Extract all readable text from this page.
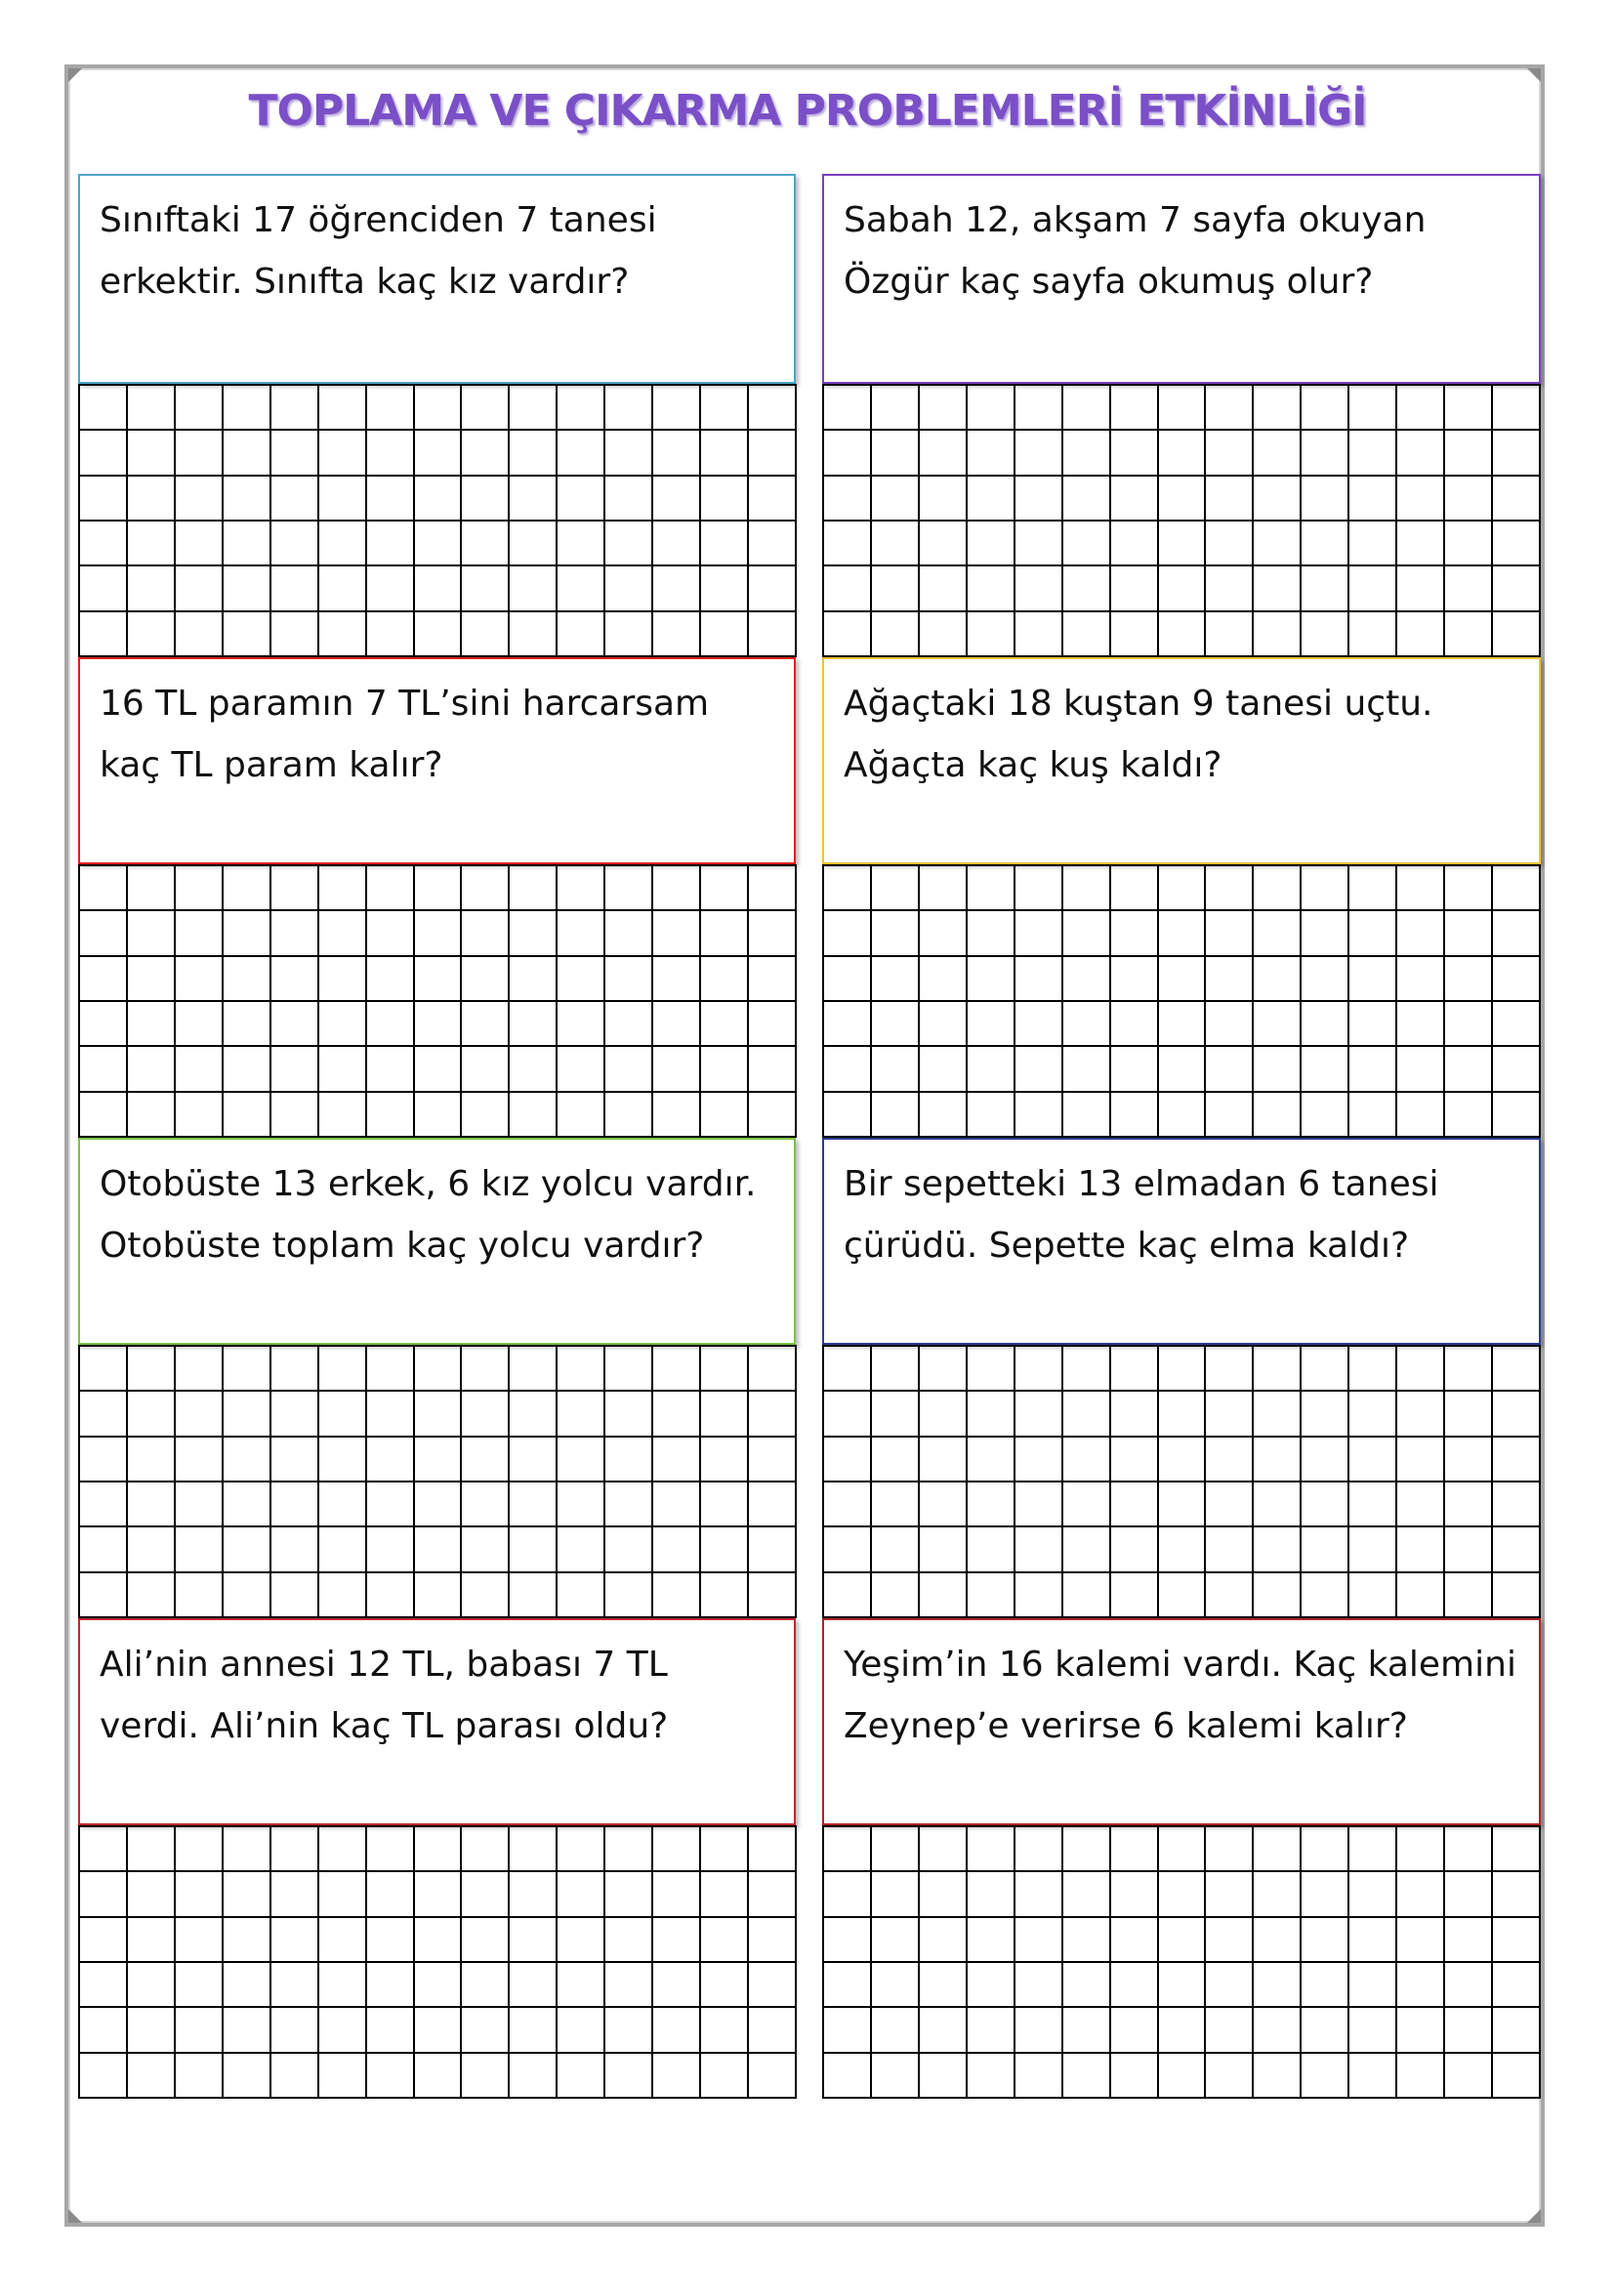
TOPLAMA VE ÇIKARMA PROBLEMLERİ ETKİNLİĞİ
Sınıftaki 17 öğrenciden 7 tanesi erkektir. Sınıfta kaç kız vardır?
Sabah 12, akşam 7 sayfa okuyan Özgür kaç sayfa okumuş olur?
16 TL paramın 7 TL’sini harcarsam kaç TL param kalır?
Ağaçtaki 18 kuştan 9 tanesi uçtu. Ağaçta kaç kuş kaldı?
Otobüste 13 erkek, 6 kız yolcu vardır. Otobüste toplam kaç yolcu vardır?
Bir sepetteki 13 elmadan 6 tanesi çürüdü. Sepette kaç elma kaldı?
Ali’nin annesi 12 TL, babası 7 TL verdi. Ali’nin kaç TL parası oldu?
Yeşim’in 16 kalemi vardı. Kaç kalemini Zeynep’e verirse 6 kalemi kalır?
